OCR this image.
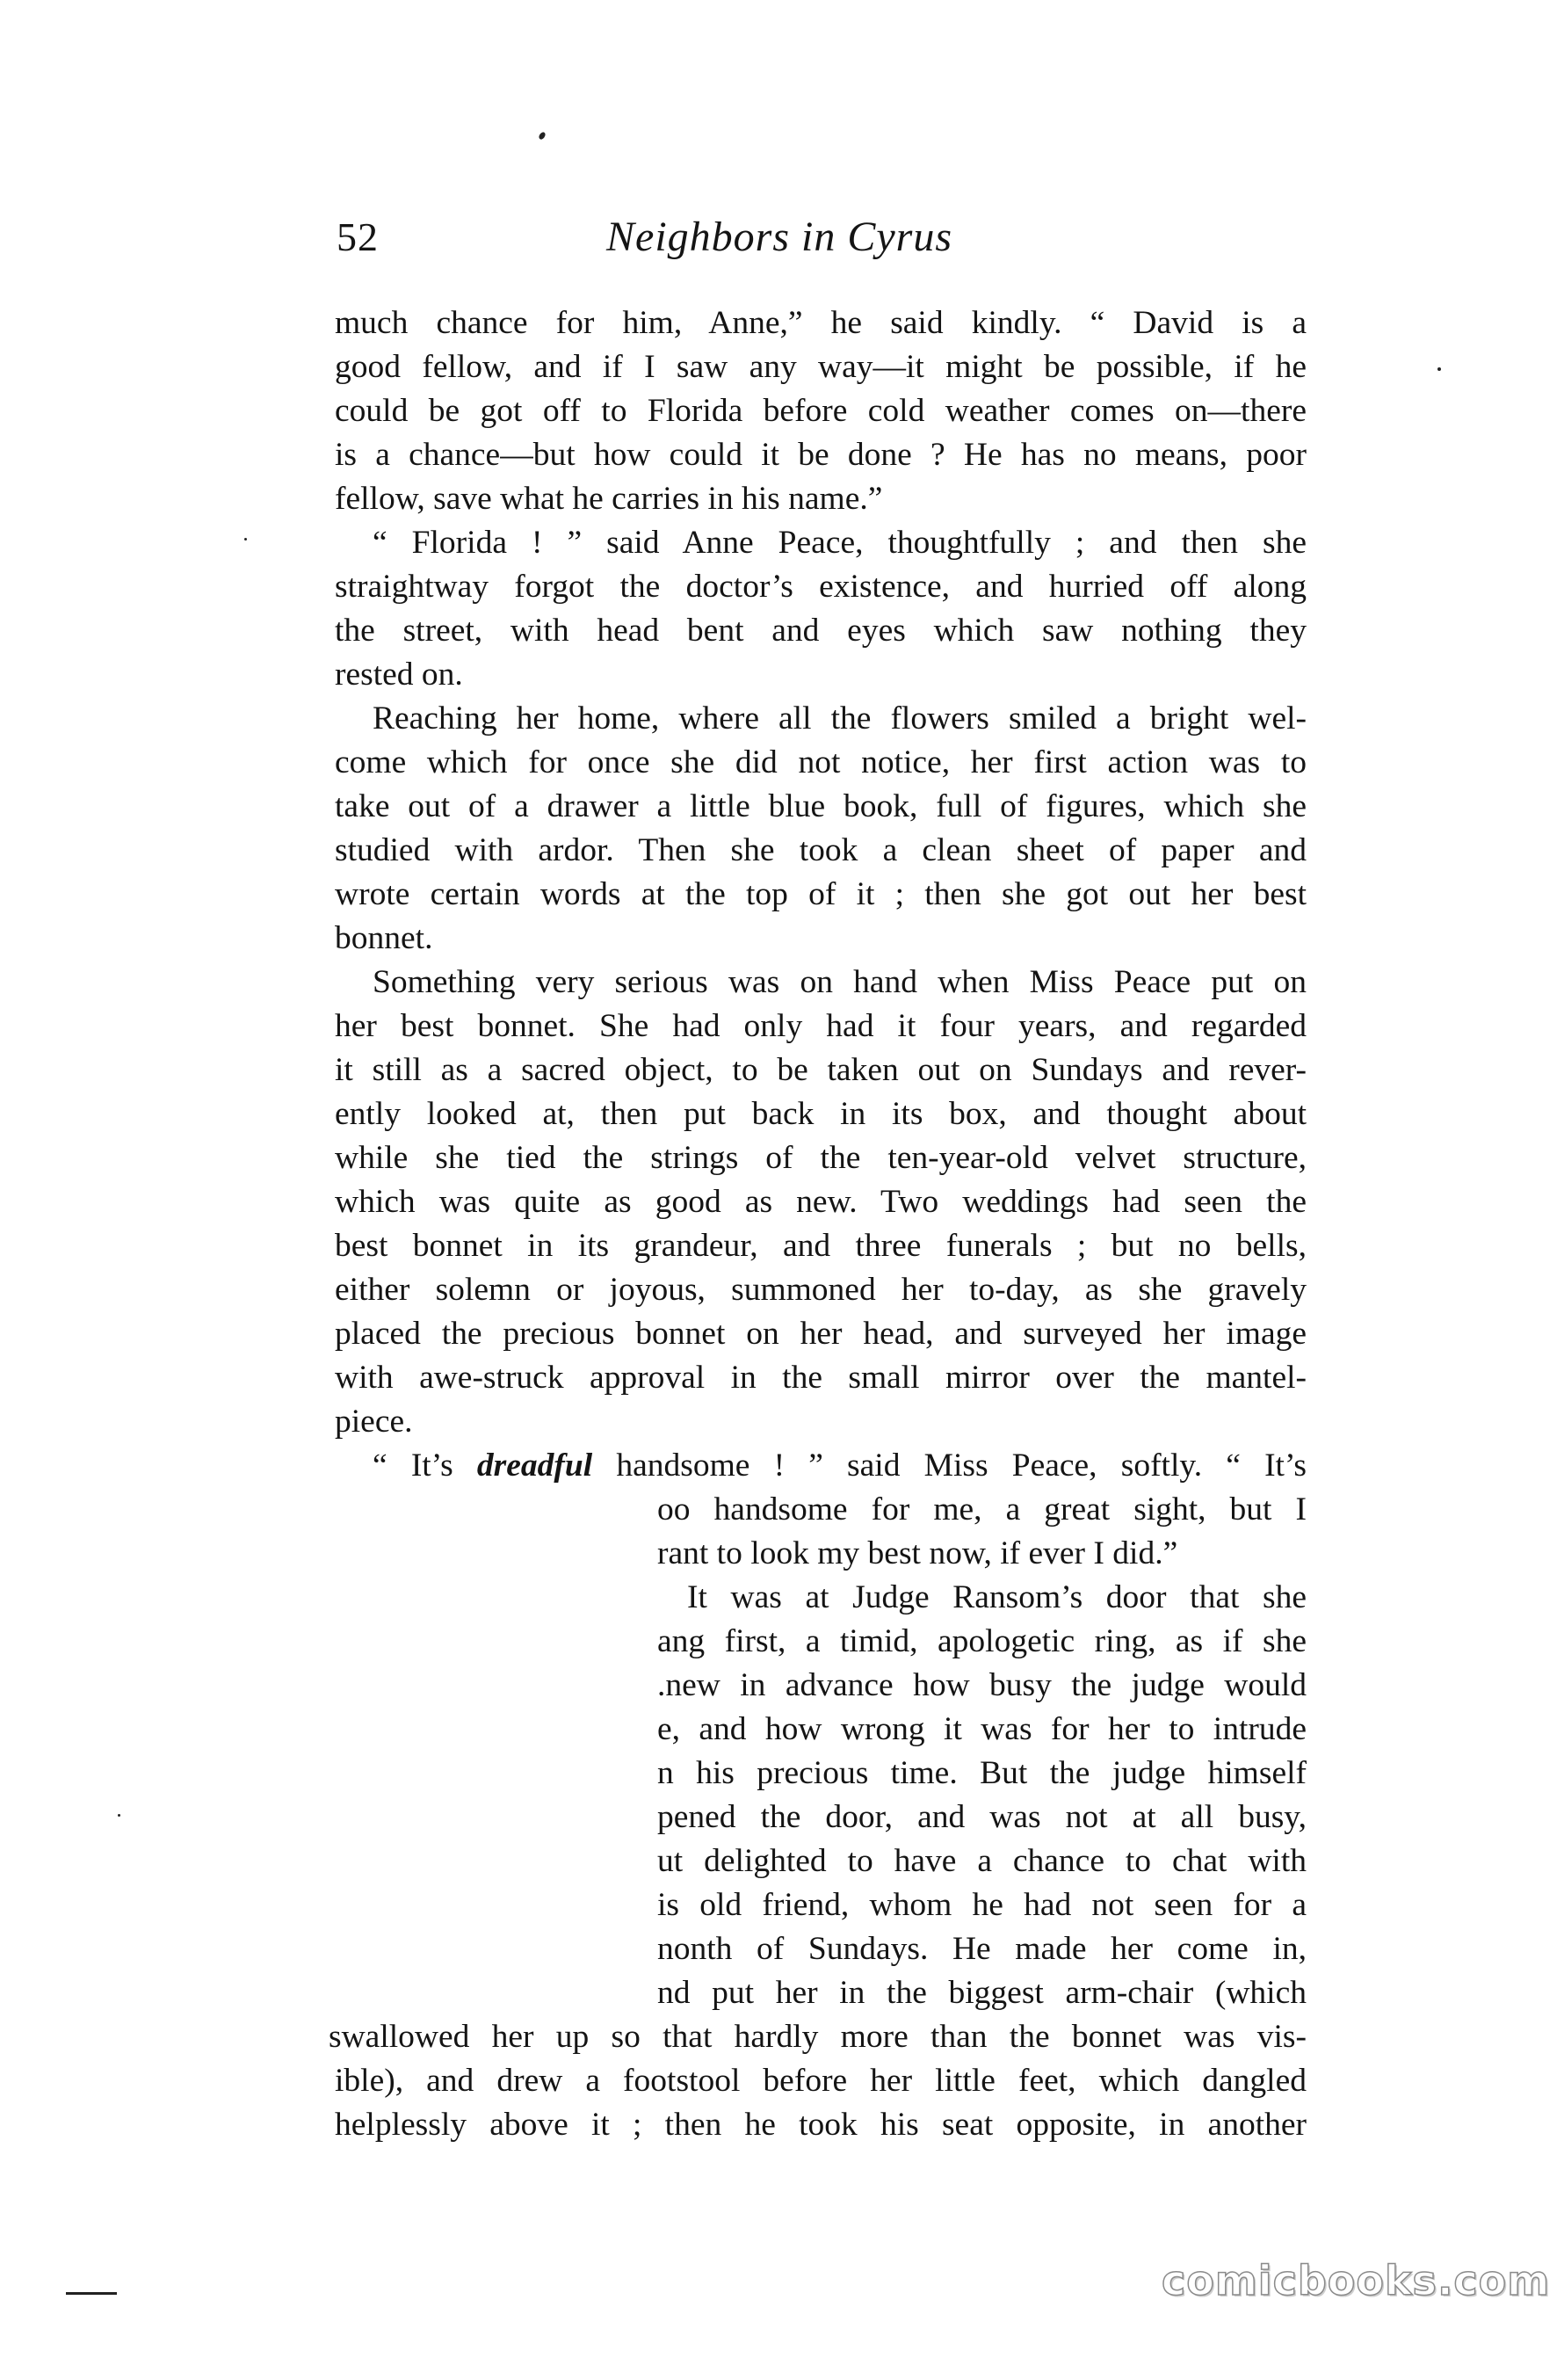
52	Neighbors in Cyrus
much chance for him, Anne,” he said kindly. “ David is a
good fellow, and if I saw any way—it might be possible, if he
could be got off to Florida before cold weather comes on—there
is a chance—but how could it be done ? He has no means, poor
fellow, save what he carries in his name.”
“ Florida ! ” said Anne Peace, thoughtfully ; and then she
straightway forgot the doctor’s existence, and hurried off along
the street, with head bent and eyes which saw nothing they
rested on.
Reaching her home, where all the flowers smiled a bright wel-
come which for once she did not notice, her first action was to
take out of a drawer a little blue book, full of figures, which she
studied with ardor. Then she took a clean sheet of paper and
wrote certain words at the top of it ; then she got out her best
bonnet.
Something very serious was on hand when Miss Peace put on
her best bonnet. She had only had it four years, and regarded
it still as a sacred object, to be taken out on Sundays and rever-
ently looked at, then put back in its box, and thought about
while she tied the strings of the ten-year-old velvet structure,
which was quite as good as new. Two weddings had seen the
best bonnet in its grandeur, and three funerals ; but no bells,
either solemn or joyous, summoned her to-day, as she gravely
placed the precious bonnet on her head, and surveyed her image
with awe-struck approval in the small mirror over the mantel-
piece.
“ It’s dreadful handsome ! ” said Miss Peace, softly. “ It’s
oo handsome for me, a great sight, but I
rant to look my best now, if ever I did.”
It was at Judge Ransom’s door that she
ang first, a timid, apologetic ring, as if she
.new in advance how busy the judge would
e, and how wrong it was for her to intrude
n his precious time. But the judge himself
pened the door, and was not at all busy,
ut delighted to have a chance to chat with
is old friend, whom he had not seen for a
nonth of Sundays. He made her come in,
nd put her in the biggest arm-chair (which
swallowed her up so that hardly more than the bonnet was vis-
ible), and drew a footstool before her little feet, which dangled
helplessly above it ; then he took his seat opposite, in another
comicbooks.com
